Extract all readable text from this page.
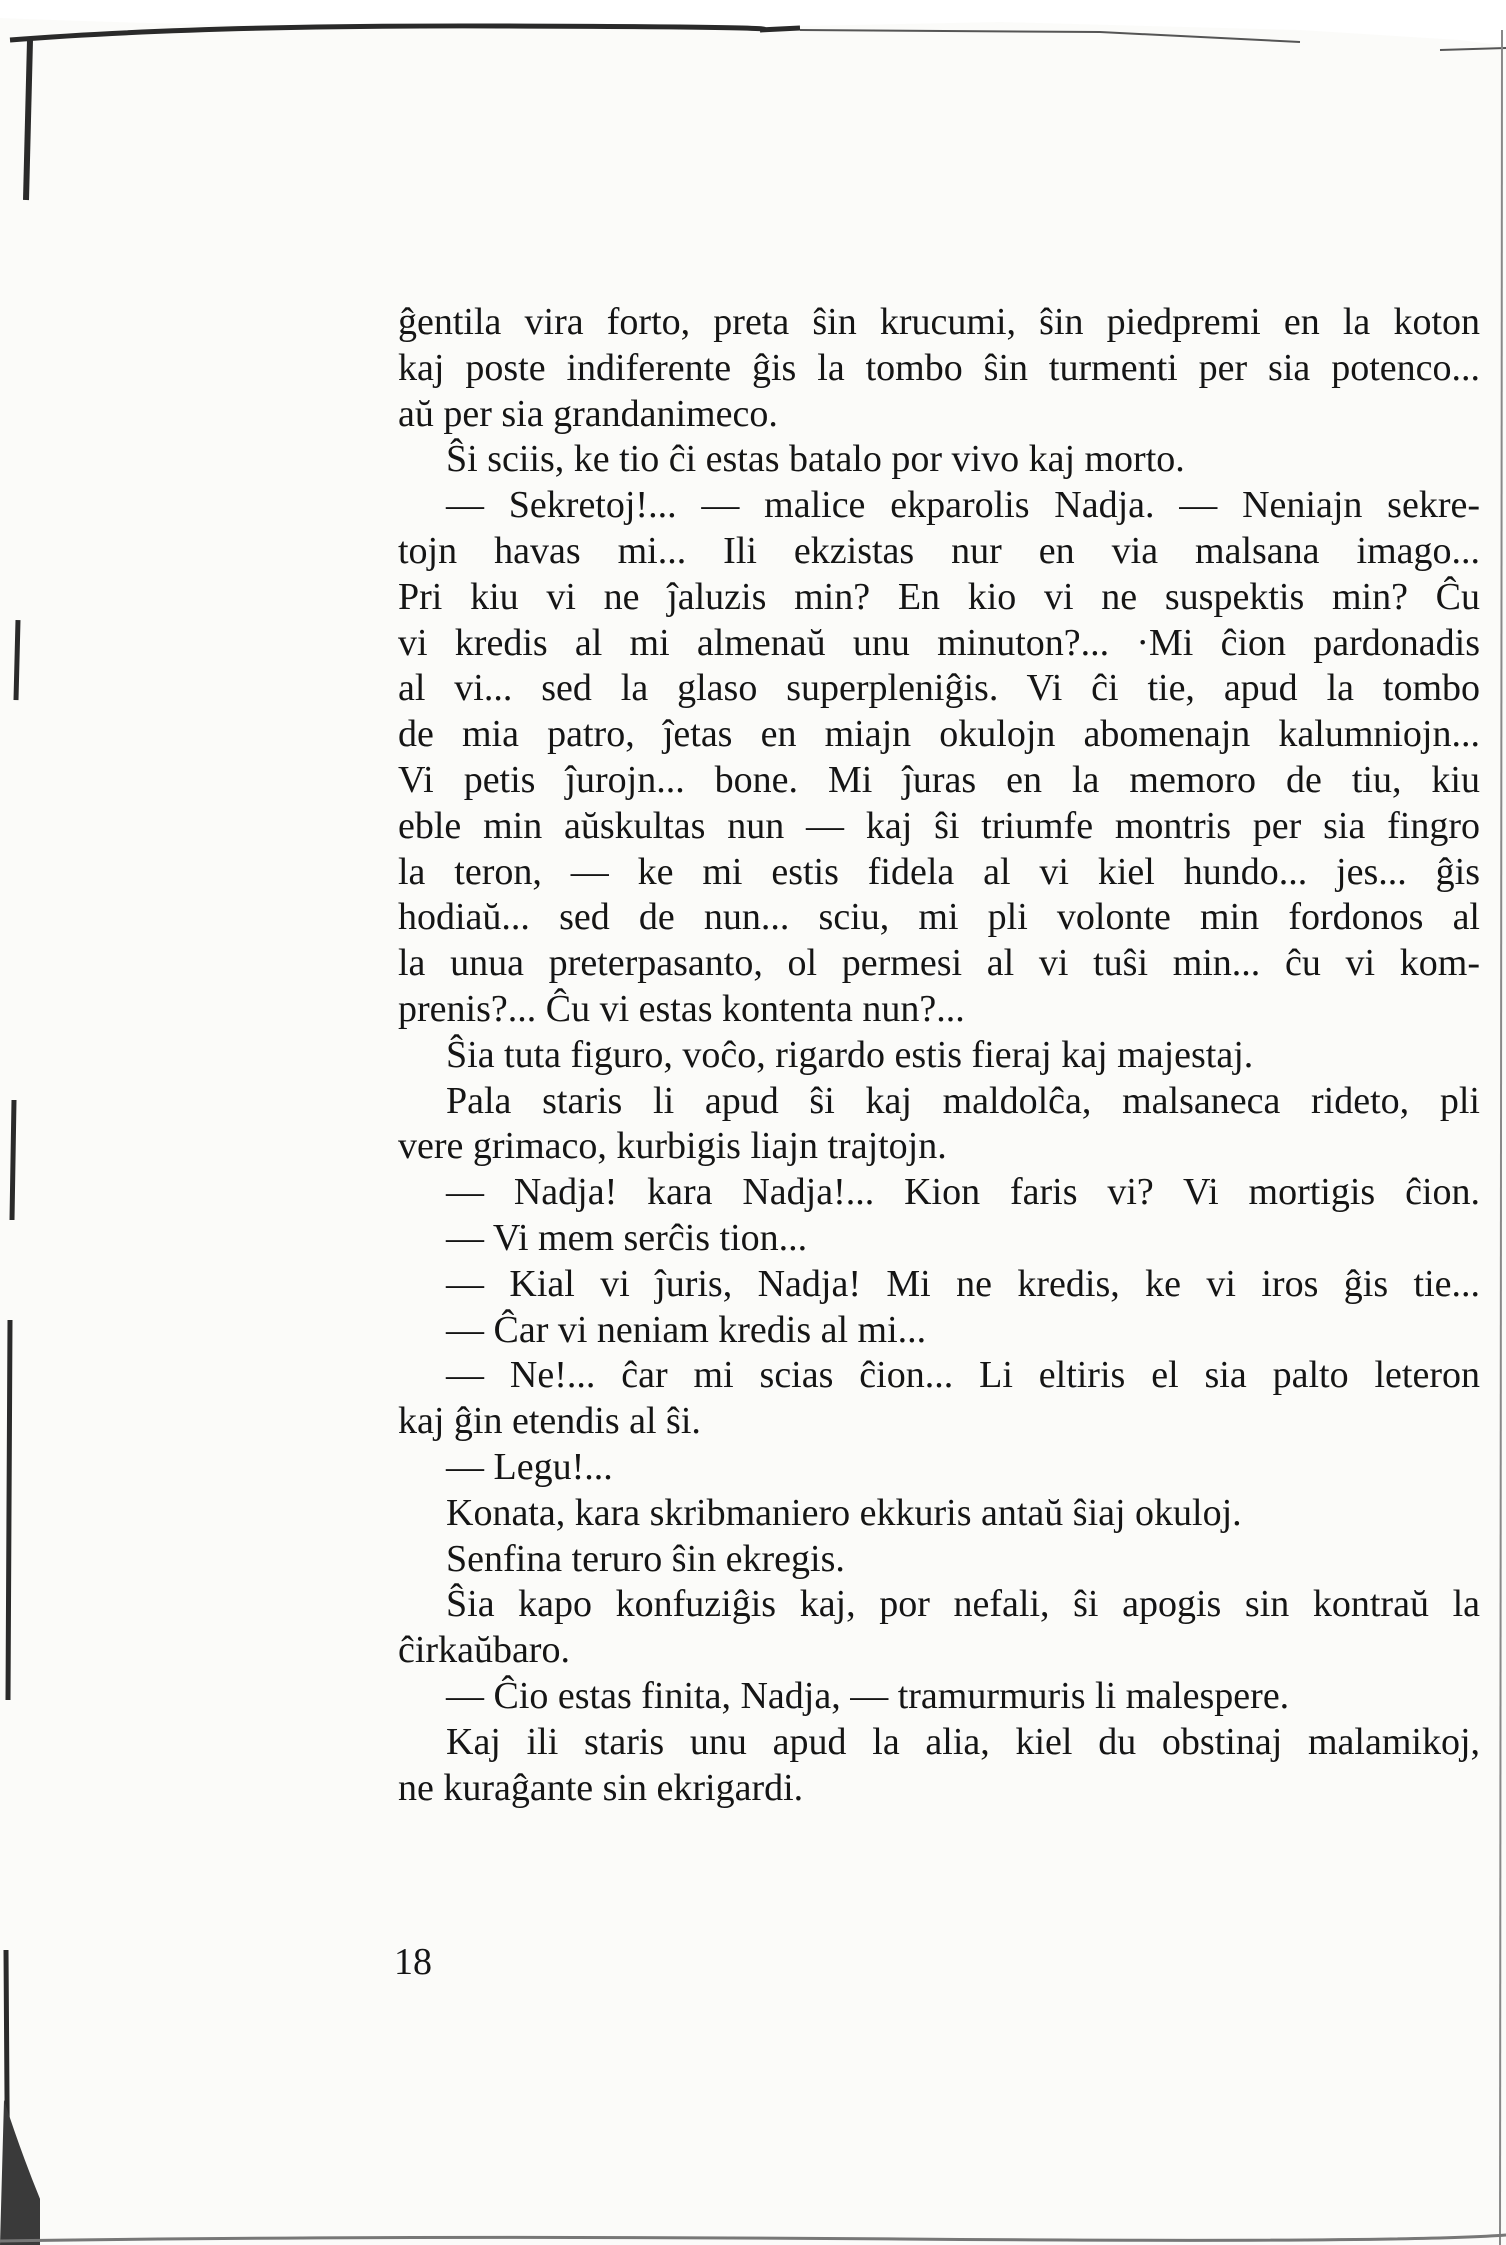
ĝentila vira forto, preta ŝin krucumi, ŝin piedpremi en la koton
kaj poste indiferente ĝis la tombo ŝin turmenti per sia potenco...
aŭ per sia grandanimeco.
Ŝi sciis, ke tio ĉi estas batalo por vivo kaj morto.
— Sekretoj!... — malice ekparolis Nadja. — Neniajn sekre-
tojn havas mi... Ili ekzistas nur en via malsana imago...
Pri kiu vi ne ĵaluzis min? En kio vi ne suspektis min? Ĉu
vi kredis al mi almenaŭ unu minuton?... ·Mi ĉion pardonadis
al vi... sed la glaso superpleniĝis. Vi ĉi tie, apud la tombo
de mia patro, ĵetas en miajn okulojn abomenajn kalumniojn...
Vi petis ĵurojn... bone. Mi ĵuras en la memoro de tiu, kiu
eble min aŭskultas nun — kaj ŝi triumfe montris per sia fingro
la teron, — ke mi estis fidela al vi kiel hundo... jes... ĝis
hodiaŭ... sed de nun... sciu, mi pli volonte min fordonos al
la unua preterpasanto, ol permesi al vi tuŝi min... ĉu vi kom-
prenis?... Ĉu vi estas kontenta nun?...
Ŝia tuta figuro, voĉo, rigardo estis fieraj kaj majestaj.
Pala staris li apud ŝi kaj maldolĉa, malsaneca rideto, pli
vere grimaco, kurbigis liajn trajtojn.
— Nadja! kara Nadja!... Kion faris vi? Vi mortigis ĉion.
— Vi mem serĉis tion...
— Kial vi ĵuris, Nadja! Mi ne kredis, ke vi iros ĝis tie...
— Ĉar vi neniam kredis al mi...
— Ne!... ĉar mi scias ĉion... Li eltiris el sia palto leteron
kaj ĝin etendis al ŝi.
— Legu!...
Konata, kara skribmaniero ekkuris antaŭ ŝiaj okuloj.
Senfina teruro ŝin ekregis.
Ŝia kapo konfuziĝis kaj, por nefali, ŝi apogis sin kontraŭ la
ĉirkaŭbaro.
— Ĉio estas finita, Nadja, — tramurmuris li malespere.
Kaj ili staris unu apud la alia, kiel du obstinaj malamikoj,
ne kuraĝante sin ekrigardi.
18
